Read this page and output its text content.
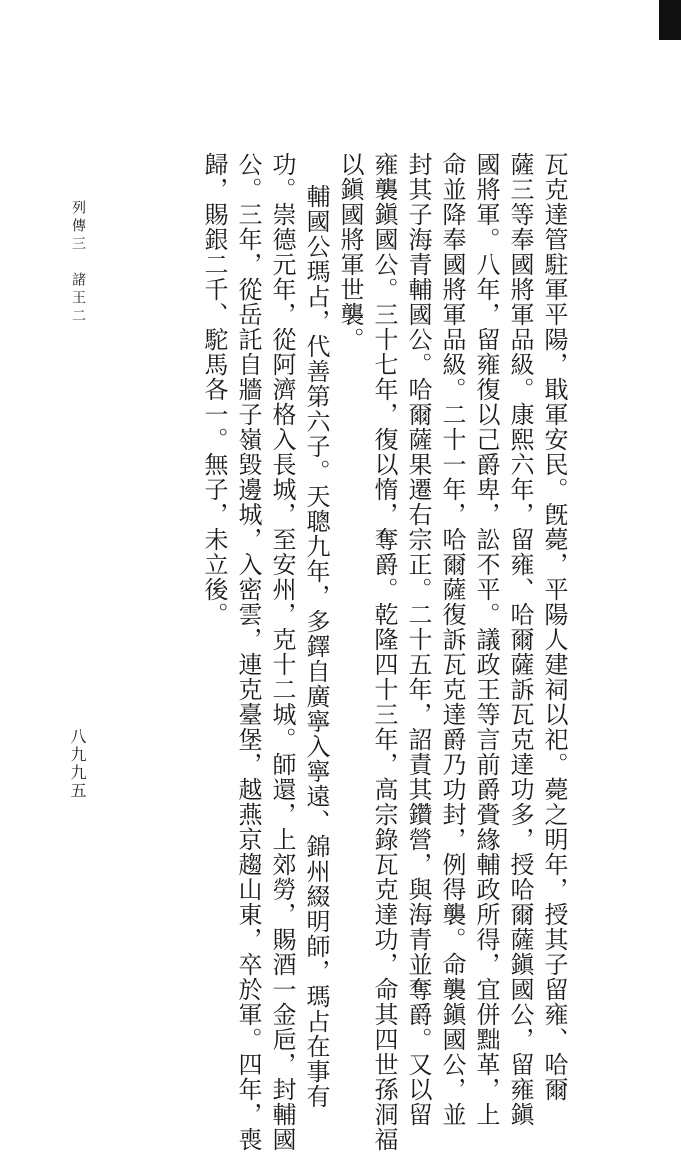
列傳三
諸王二	瓦克達管駐軍平陽，戢軍安民。旣薨，平陽人建祠以祀。薨之明年，授其子留雍、哈爾
薩三等奉國將軍品級。康熙六年，留雍、哈爾薩訴瓦克達功多，授哈爾薩鎭國公，留雍鎭
國將軍。八年，留雍復以己爵卑，訟不平。議政王等言前爵賫緣輔政所得，宜併黜革，上
命並降奉國將軍品級。二十一年，哈爾薩復訴瓦克達爵乃功封，例得襲。命襲鎭國公，並
封其子海青輔國公。哈爾薩果遷右宗正。二十五年，詔責其鑽營，與海青並奪爵。又以留
雍襲鎭國公。三十七年，復以惰，奪爵。乾隆四十三年，高宗錄瓦克達功，命其四世孫洞福
以鎭國將軍世襲。
輔國公瑪占，代善第六子。天聰九年，多鐸自廣寧入寧遠、錦州綴明師，瑪占在事有
功。崇德元年，從阿濟格入長城，至安州，克十二城。師還，上郊勞，賜酒一金巵，封輔國
公。三年，從岳託自牆子嶺毀邊城，入密雲，連克臺堡，越燕京趨山東，卒於軍。四年，喪
歸，賜銀二千、駝馬各一。無子，未立後。
八九九五
